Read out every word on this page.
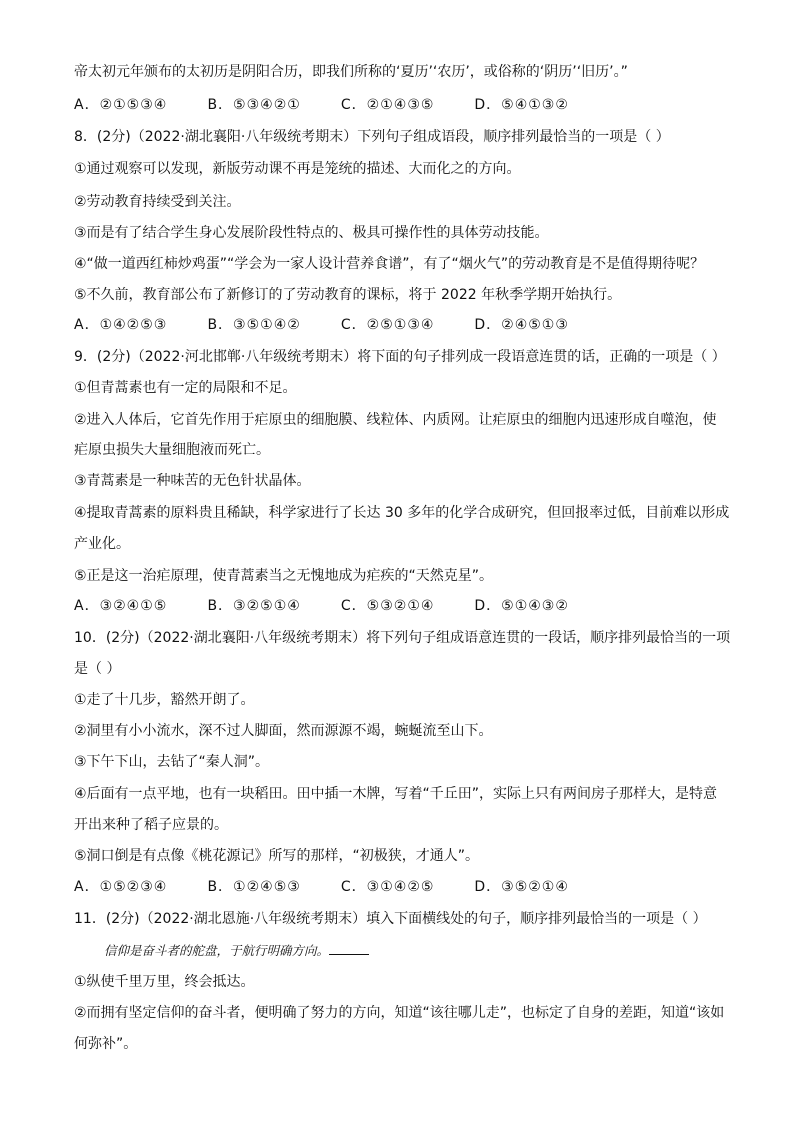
帝太初元年颁布的太初历是阴阳合历，即我们所称的‘夏历’‘农历’，或俗称的‘阴历’‘旧历’。”
A．②①⑤③④	B．⑤③④②①	C．②①④③⑤	D．⑤④①③②
8．(2分)（2022·湖北襄阳·八年级统考期末）下列句子组成语段，顺序排列最恰当的一项是（ ）
①通过观察可以发现，新版劳动课不再是笼统的描述、大而化之的方向。
②劳动教育持续受到关注。
③而是有了结合学生身心发展阶段性特点的、极具可操作性的具体劳动技能。
④“做一道西红柿炒鸡蛋”“学会为一家人设计营养食谱”，有了“烟火气”的劳动教育是不是值得期待呢？
⑤不久前，教育部公布了新修订的了劳动教育的课标，将于 2022 年秋季学期开始执行。
A．①④②⑤③	B．③⑤①④②	C．②⑤①③④	D．②④⑤①③
9．(2分)（2022·河北邯郸·八年级统考期末）将下面的句子排列成一段语意连贯的话，正确的一项是（ ）
①但青蒿素也有一定的局限和不足。
②进入人体后，它首先作用于疟原虫的细胞膜、线粒体、内质网。让疟原虫的细胞内迅速形成自噬泡，使
疟原虫损失大量细胞液而死亡。
③青蒿素是一种味苦的无色针状晶体。
④提取青蒿素的原料贵且稀缺，科学家进行了长达 30 多年的化学合成研究，但回报率过低，目前难以形成
产业化。
⑤正是这一治疟原理，使青蒿素当之无愧地成为疟疾的“天然克星”。
A．③②④①⑤	B．③②⑤①④	C．⑤③②①④	D．⑤①④③②
10．(2分)（2022·湖北襄阳·八年级统考期末）将下列句子组成语意连贯的一段话，顺序排列最恰当的一项
是（ ）
①走了十几步，豁然开朗了。
②洞里有小小流水，深不过人脚面，然而源源不竭，蜿蜒流至山下。
③下午下山，去钻了“秦人洞”。
④后面有一点平地，也有一块稻田。田中插一木牌，写着“千丘田”，实际上只有两间房子那样大，是特意
开出来种了稻子应景的。
⑤洞口倒是有点像《桃花源记》所写的那样，“初极狭，才通人”。
A．①⑤②③④	B．①②④⑤③	C．③①④②⑤	D．③⑤②①④
11．(2分)（2022·湖北恩施·八年级统考期末）填入下面横线处的句子，顺序排列最恰当的一项是（ ）
信仰是奋斗者的舵盘，于航行明确方向。
①纵使千里万里，终会抵达。
②而拥有坚定信仰的奋斗者，便明确了努力的方向，知道“该往哪儿走”，也标定了自身的差距，知道“该如
何弥补”。
